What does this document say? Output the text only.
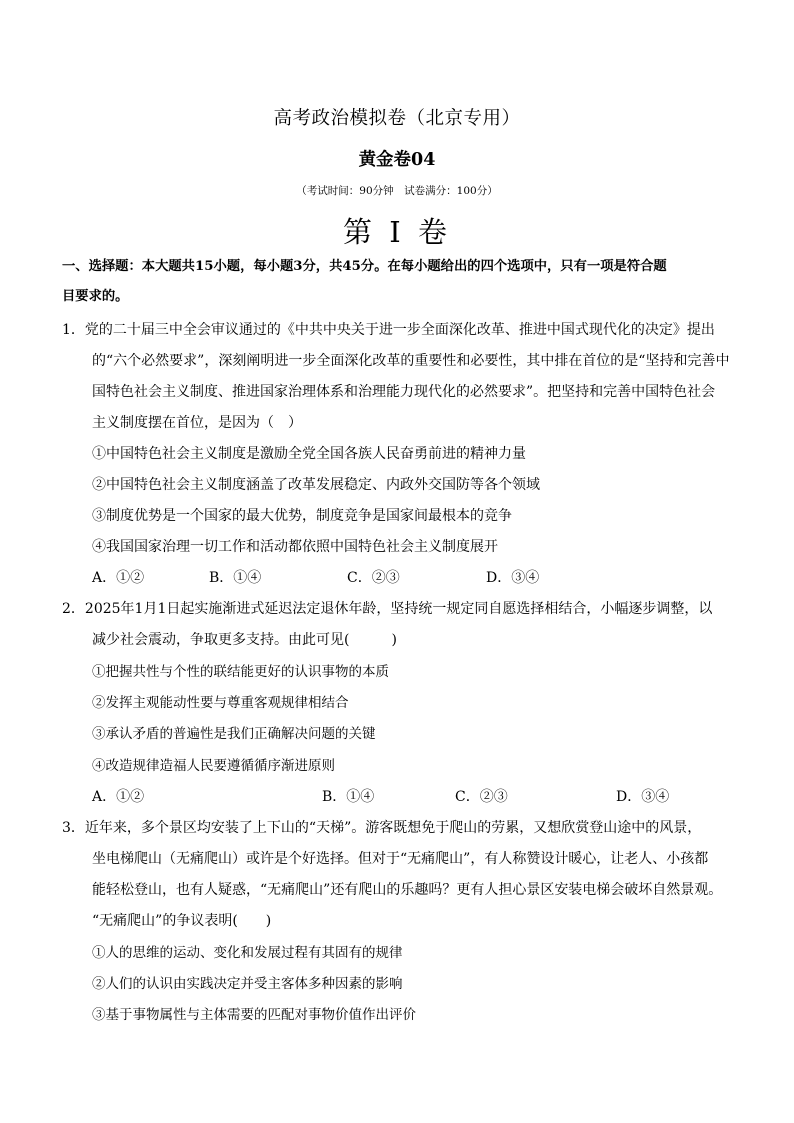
高考政治模拟卷（北京专用）
黄金卷04
（考试时间：90分钟　试卷满分：100分）
第 I 卷
一、选择题：本大题共15小题，每小题3分，共45分。在每小题给出的四个选项中，只有一项是符合题
目要求的。
1．党的二十届三中全会审议通过的《中共中央关于进一步全面深化改革、推进中国式现代化的决定》提出
的“六个必然要求”，深刻阐明进一步全面深化改革的重要性和必要性，其中排在首位的是“坚持和完善中
国特色社会主义制度、推进国家治理体系和治理能力现代化的必然要求”。把坚持和完善中国特色社会
主义制度摆在首位，是因为（　）
①中国特色社会主义制度是激励全党全国各族人民奋勇前进的精神力量
②中国特色社会主义制度涵盖了改革发展稳定、内政外交国防等各个领域
③制度优势是一个国家的最大优势，制度竞争是国家间最根本的竞争
④我国国家治理一切工作和活动都依照中国特色社会主义制度展开
A．①②	B．①④	C．②③	D．③④
2．2025年1月1日起实施渐进式延迟法定退休年龄，坚持统一规定同自愿选择相结合，小幅逐步调整，以
减少社会震动，争取更多支持。由此可见(　　　)
①把握共性与个性的联结能更好的认识事物的本质
②发挥主观能动性要与尊重客观规律相结合
③承认矛盾的普遍性是我们正确解决问题的关键
④改造规律造福人民要遵循循序渐进原则
A．①②	B．①④	C．②③	D．③④
3．近年来，多个景区均安装了上下山的“天梯”。游客既想免于爬山的劳累，又想欣赏登山途中的风景，
坐电梯爬山（无痛爬山）或许是个好选择。但对于“无痛爬山”，有人称赞设计暖心，让老人、小孩都
能轻松登山，也有人疑惑，“无痛爬山”还有爬山的乐趣吗？更有人担心景区安装电梯会破坏自然景观。
“无痛爬山”的争议表明(　　)
①人的思维的运动、变化和发展过程有其固有的规律
②人们的认识由实践决定并受主客体多种因素的影响
③基于事物属性与主体需要的匹配对事物价值作出评价
